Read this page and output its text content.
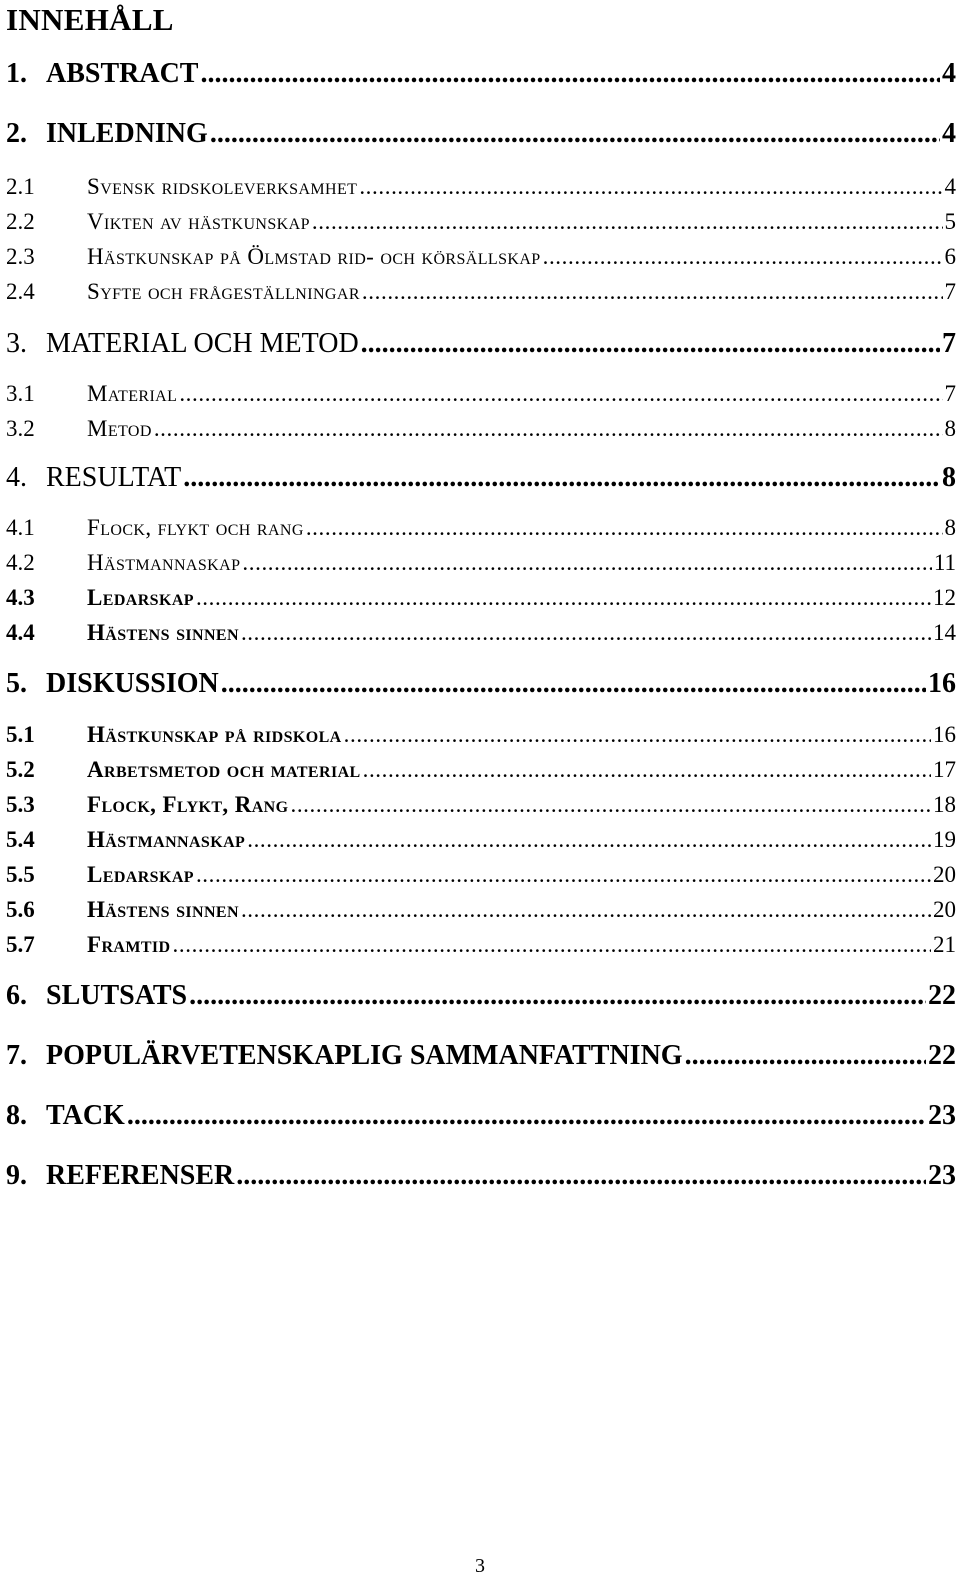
INNEHÅLL
1. ABSTRACT .....	4
2. INLEDNING .....	4
2.1	Svensk ridskoleverksamhet .....	4
2.2	Vikten av hästkunskap .....	5
2.3	Hästkunskap på Ölmstad rid- och körsällskap .....	6
2.4	Syfte och frågeställningar .....	7
3. MATERIAL OCH METOD .....	7
3.1	Material .....	7
3.2	Metod .....	8
4. RESULTAT .....	8
4.1	Flock, flykt och rang .....	8
4.2	Hästmannaskap .....	11
4.3	Ledarskap .....	12
4.4	Hästens sinnen .....	14
5. DISKUSSION .....	16
5.1	Hästkunskap på ridskola .....	16
5.2	Arbetsmetod och material .....	17
5.3	Flock, Flykt, Rang .....	18
5.4	Hästmannaskap .....	19
5.5	Ledarskap .....	20
5.6	Hästens sinnen .....	20
5.7	Framtid .....	21
6. SLUTSATS .....	22
7. POPULÄRVETENSKAPLIG SAMMANFATTNING .....	22
8. TACK .....	23
9. REFERENSER .....	23
3
